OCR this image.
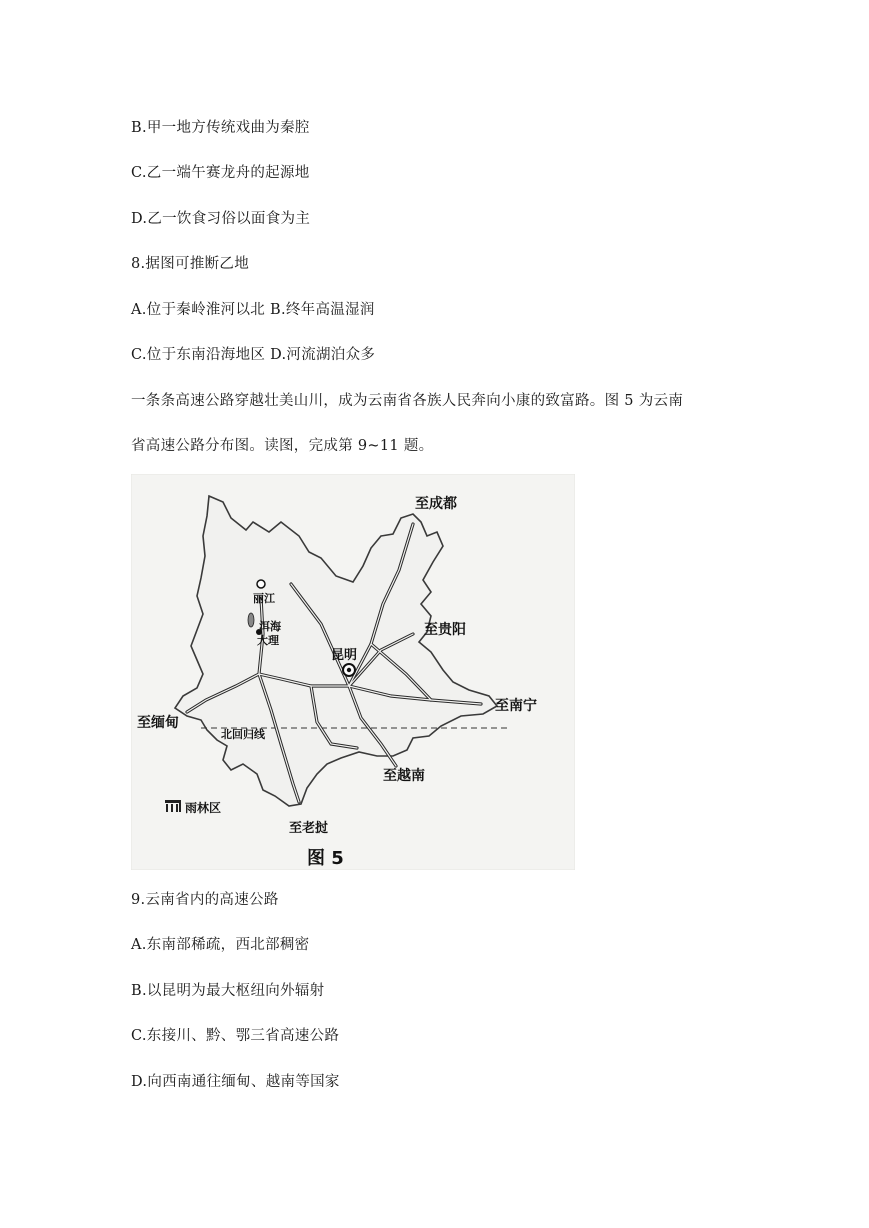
B.甲一地方传统戏曲为秦腔
C.乙一端午赛龙舟的起源地
D.乙一饮食习俗以面食为主
8.据图可推断乙地
A.位于秦岭淮河以北 B.终年高温湿润
C.位于东南沿海地区 D.河流湖泊众多
一条条高速公路穿越壮美山川，成为云南省各族人民奔向小康的致富路。图 5 为云南
省高速公路分布图。读图，完成第 9~11 题。
至成都
丽江
洱海
大理
至贵阳
昆明
至南宁
至缅甸
北回归线
至越南
雨林区
至老挝
图 5
9.云南省内的高速公路
A.东南部稀疏，西北部稠密
B.以昆明为最大枢纽向外辐射
C.东接川、黔、鄂三省高速公路
D.向西南通往缅甸、越南等国家
